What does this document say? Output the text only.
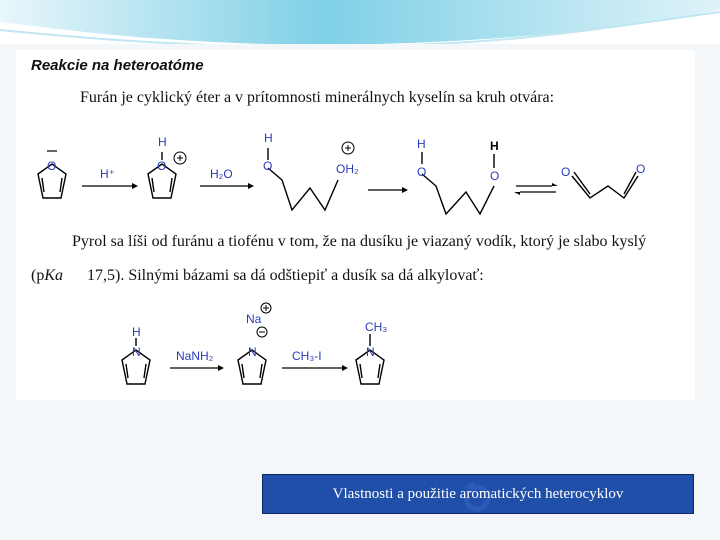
Reakcie na heteroatóme
Furán je cyklický éter a v prítomnosti minerálnych kyselín sa kruh otvára:
O
H⁺
H
O
H₂O
H
O	OH₂
H
O
H
O	O	O
Pyrol sa líši od furánu a tiofénu v tom, že na dusíku je viazaný vodík, ktorý je slabo kyslý
(pKa 17,5). Silnými bázami sa dá odštiepiť a dusík sa dá alkylovať:
H
N	NaNH₂
Na
N	CH₃-I
CH₃
N
Vlastnosti a použitie aromatických heterocyklov
